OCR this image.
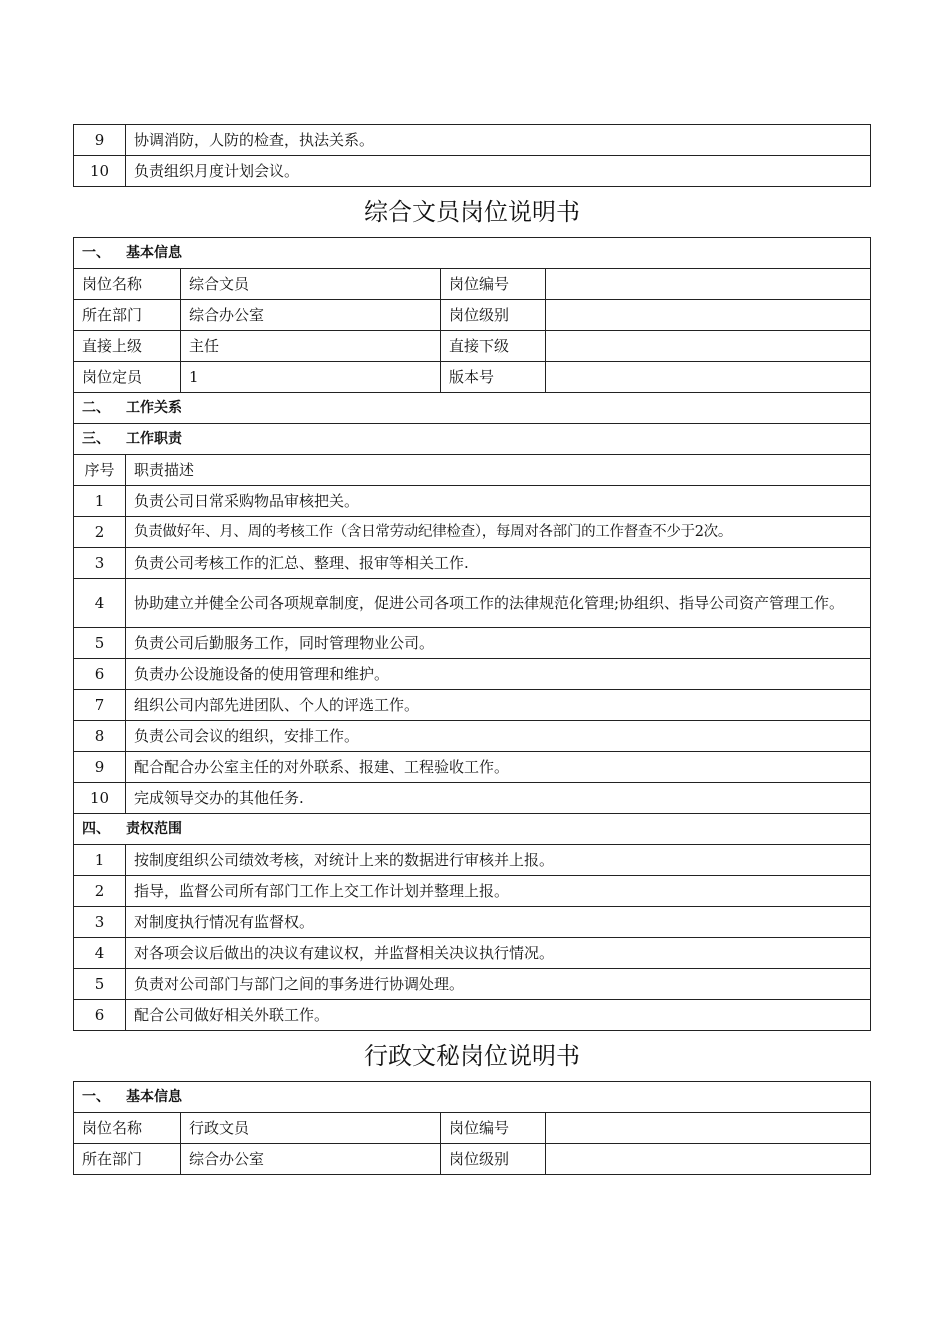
9	协调消防，人防的检查，执法关系。
10	负责组织月度计划会议。
综合文员岗位说明书
一、 基本信息			
岗位名称	综合文员	岗位编号	
所在部门	综合办公室	岗位级别	
直接上级	主任	直接下级	
岗位定员	1	版本号	
二、 工作关系	
三、 工作职责	
序号	职责描述
1	负责公司日常采购物品审核把关。
2	负责做好年、月、周的考核工作（含日常劳动纪律检查），每周对各部门的工作督查不少于2次。
3	负责公司考核工作的汇总、整理、报审等相关工作.
4	协助建立并健全公司各项规章制度，促进公司各项工作的法律规范化管理;协组织、指导公司资产管理工作。
5	负责公司后勤服务工作，同时管理物业公司。
6	负责办公设施设备的使用管理和维护。
7	组织公司内部先进团队、个人的评选工作。
8	负责公司会议的组织，安排工作。
9	配合配合办公室主任的对外联系、报建、工程验收工作。
10	完成领导交办的其他任务.
四、 责权范围	
1	按制度组织公司绩效考核，对统计上来的数据进行审核并上报。
2	指导，监督公司所有部门工作上交工作计划并整理上报。
3	对制度执行情况有监督权。
4	对各项会议后做出的决议有建议权，并监督相关决议执行情况。
5	负责对公司部门与部门之间的事务进行协调处理。
6	配合公司做好相关外联工作。
行政文秘岗位说明书
一、 基本信息			
岗位名称	行政文员	岗位编号	
所在部门	综合办公室	岗位级别	
